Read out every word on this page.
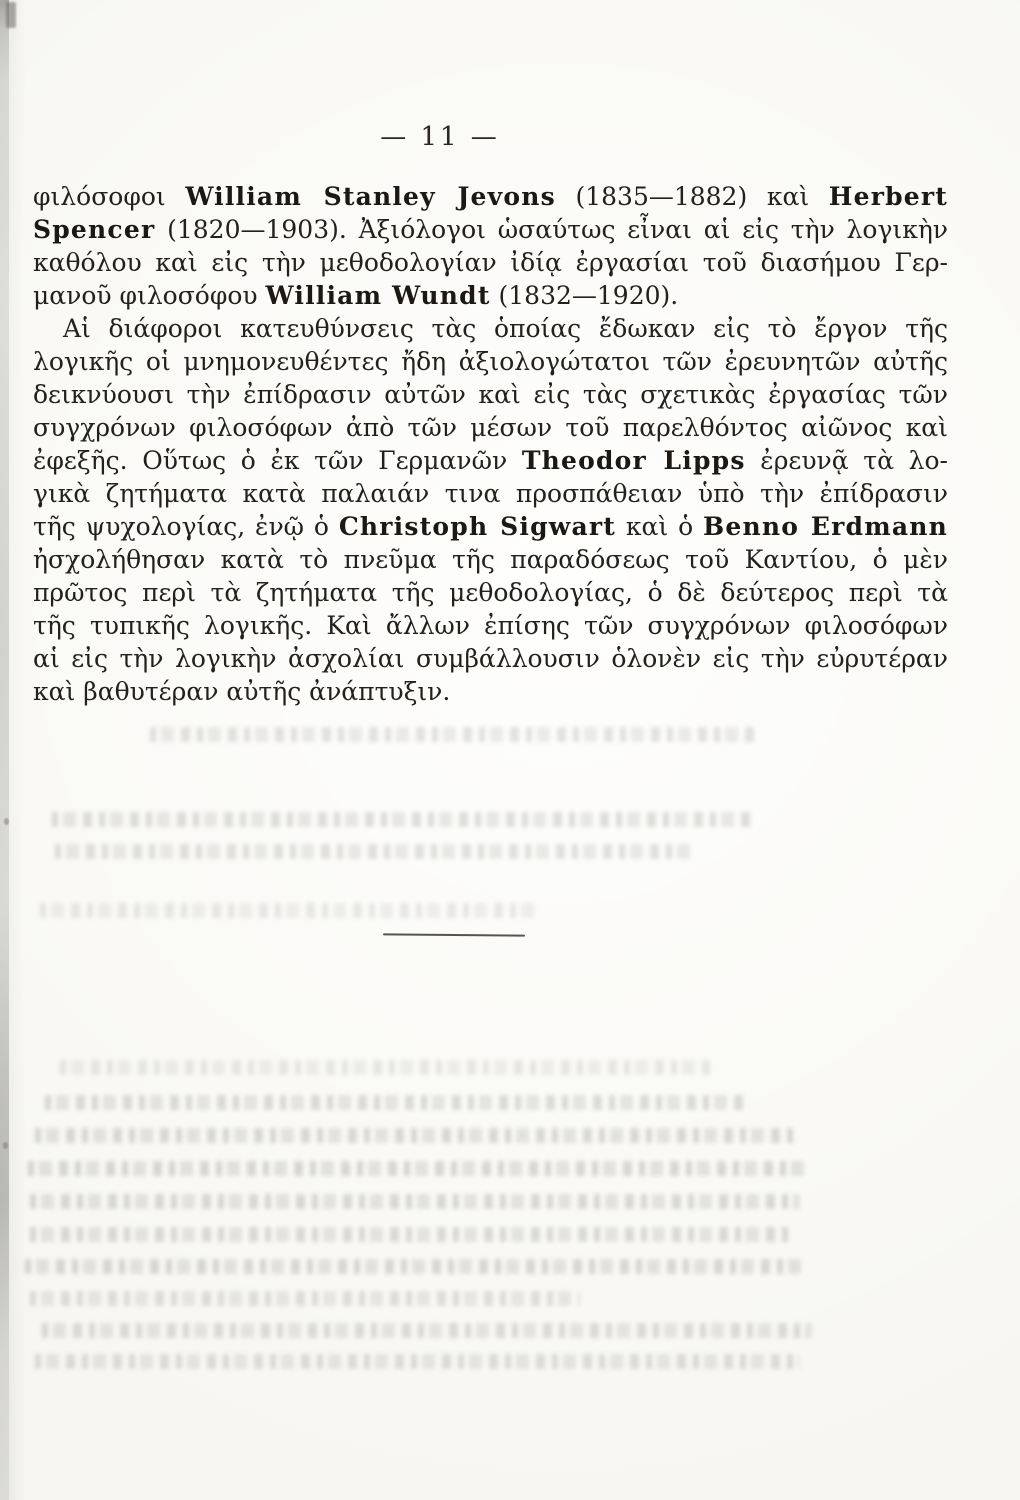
— 11 —
φιλόσοφοι William Stanley Jevons (1835—1882) καὶ Herbert
Spencer (1820—1903). Ἀξιόλογοι ὡσαύτως εἶναι αἱ εἰς τὴν λογικὴν
καθόλου καὶ εἰς τὴν μεθοδολογίαν ἰδίᾳ ἐργασίαι τοῦ διασήμου Γερ-
μανοῦ φιλοσόφου William Wundt (1832—1920).
Αἱ διάφοροι κατευθύνσεις τὰς ὁποίας ἔδωκαν εἰς τὸ ἔργον τῆς
λογικῆς οἱ μνημονευθέντες ἤδη ἀξιολογώτατοι τῶν ἐρευνητῶν αὐτῆς
δεικνύουσι τὴν ἐπίδρασιν αὐτῶν καὶ εἰς τὰς σχετικὰς ἐργασίας τῶν
συγχρόνων φιλοσόφων ἀπὸ τῶν μέσων τοῦ παρελθόντος αἰῶνος καὶ
ἐφεξῆς. Οὕτως ὁ ἐκ τῶν Γερμανῶν Theodor Lipps ἐρευνᾷ τὰ λο-
γικὰ ζητήματα κατὰ παλαιάν τινα προσπάθειαν ὑπὸ τὴν ἐπίδρασιν
τῆς ψυχολογίας, ἐνῷ ὁ Christoph Sigwart καὶ ὁ Benno Erdmann
ἠσχολήθησαν κατὰ τὸ πνεῦμα τῆς παραδόσεως τοῦ Καντίου, ὁ μὲν
πρῶτος περὶ τὰ ζητήματα τῆς μεθοδολογίας, ὁ δὲ δεύτερος περὶ τὰ
τῆς τυπικῆς λογικῆς. Καὶ ἄλλων ἐπίσης τῶν συγχρόνων φιλοσόφων
αἱ εἰς τὴν λογικὴν ἀσχολίαι συμβάλλουσιν ὁλονὲν εἰς τὴν εὐρυτέραν
καὶ βαθυτέραν αὐτῆς ἀνάπτυξιν.
